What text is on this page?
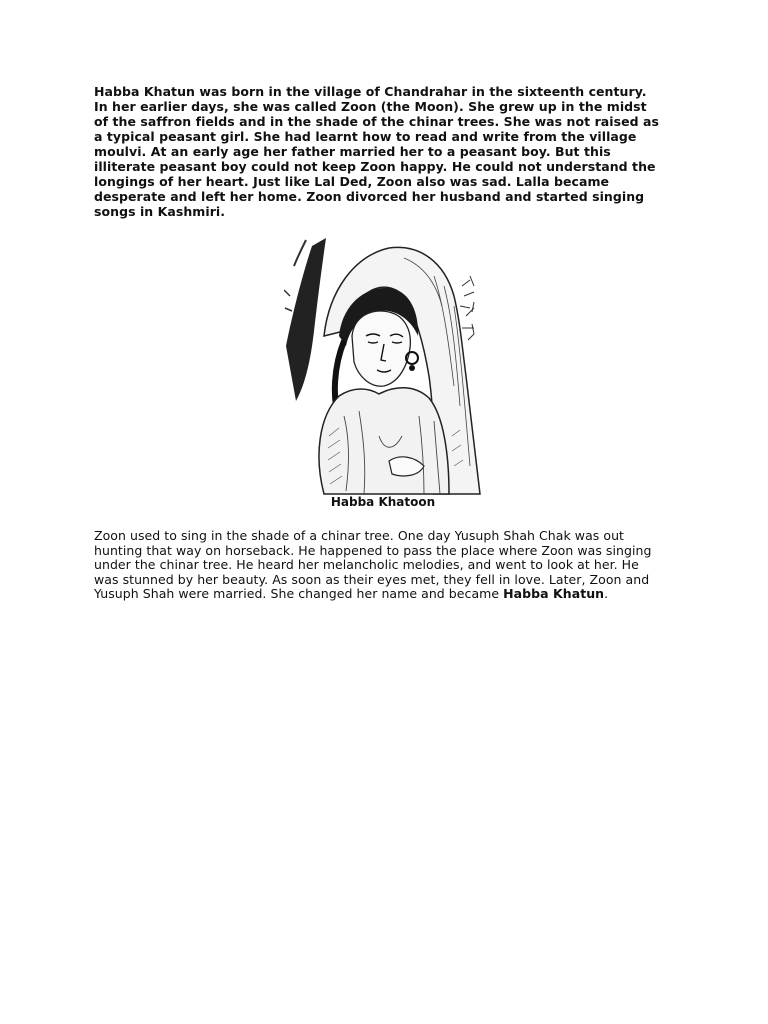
Habba Khatun was born in the village of Chandrahar in the sixteenth century.
In her earlier days, she was called Zoon (the Moon). She grew up in the midst
of the saffron fields and in the shade of the chinar trees. She was not raised as
a typical peasant girl. She had learnt how to read and write from the village
moulvi. At an early age her father married her to a peasant boy. But this
illiterate peasant boy could not keep Zoon happy. He could not understand the
longings of her heart. Just like Lal Ded, Zoon also was sad. Lalla became
desperate and left her home. Zoon divorced her husband and started singing
songs in Kashmiri.
Habba Khatoon
Zoon used to sing in the shade of a chinar tree. One day Yusuph Shah Chak was out
hunting that way on horseback. He happened to pass the place where Zoon was singing
under the chinar tree. He heard her melancholic melodies, and went to look at her. He
was stunned by her beauty. As soon as their eyes met, they fell in love. Later, Zoon and
Yusuph Shah were married. She changed her name and became Habba Khatun.
